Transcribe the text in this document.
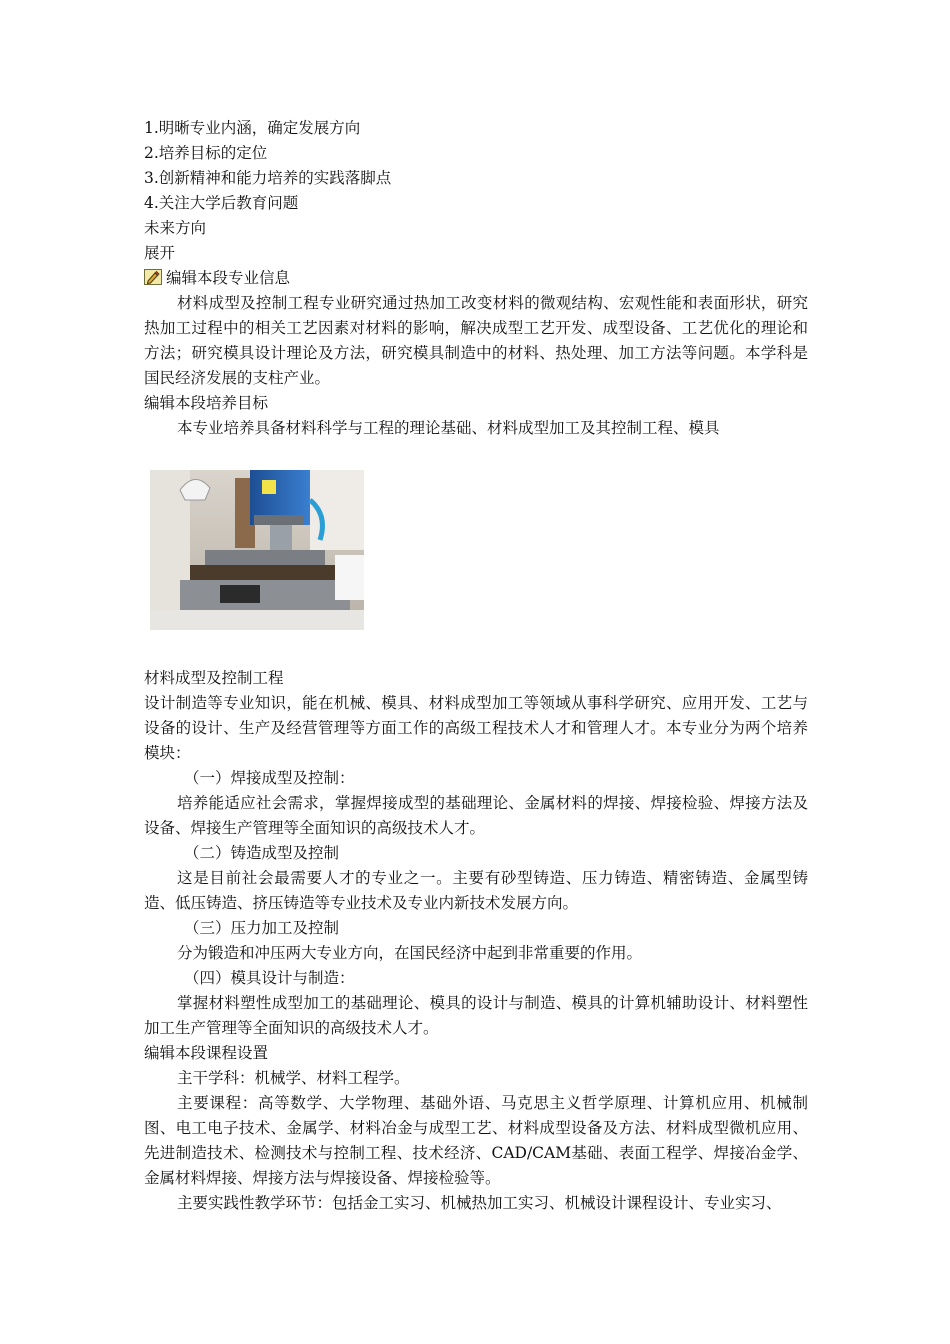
1.明晰专业内涵，确定发展方向
2.培养目标的定位
3.创新精神和能力培养的实践落脚点
4.关注大学后教育问题
未来方向
展开
编辑本段专业信息

材料成型及控制工程专业研究通过热加工改变材料的微观结构、宏观性能和表面形状，研究热加工过程中的相关工艺因素对材料的影响，解决成型工艺开发、成型设备、工艺优化的理论和方法；研究模具设计理论及方法，研究模具制造中的材料、热处理、加工方法等问题。本学科是国民经济发展的支柱产业。

编辑本段培养目标
本专业培养具备材料科学与工程的理论基础、材料成型加工及其控制工程、模具
材料成型及控制工程

设计制造等专业知识，能在机械、模具、材料成型加工等领域从事科学研究、应用开发、工艺与设备的设计、生产及经营管理等方面工作的高级工程技术人才和管理人才。本专业分为两个培养模块：

（一）焊接成型及控制：

培养能适应社会需求，掌握焊接成型的基础理论、金属材料的焊接、焊接检验、焊接方法及设备、焊接生产管理等全面知识的高级技术人才。

（二）铸造成型及控制

这是目前社会最需要人才的专业之一。主要有砂型铸造、压力铸造、精密铸造、金属型铸造、低压铸造、挤压铸造等专业技术及专业内新技术发展方向。

（三）压力加工及控制

分为锻造和冲压两大专业方向，在国民经济中起到非常重要的作用。

（四）模具设计与制造：

掌握材料塑性成型加工的基础理论、模具的设计与制造、模具的计算机辅助设计、材料塑性加工生产管理等全面知识的高级技术人才。

编辑本段课程设置
主干学科：机械学、材料工程学。

主要课程：高等数学、大学物理、基础外语、马克思主义哲学原理、计算机应用、机械制图、电工电子技术、金属学、材料冶金与成型工艺、材料成型设备及方法、材料成型微机应用、先进制造技术、检测技术与控制工程、技术经济、CAD/CAM基础、表面工程学、焊接冶金学、金属材料焊接、焊接方法与焊接设备、焊接检验等。

主要实践性教学环节：包括金工实习、机械热加工实习、机械设计课程设计、专业实习、
